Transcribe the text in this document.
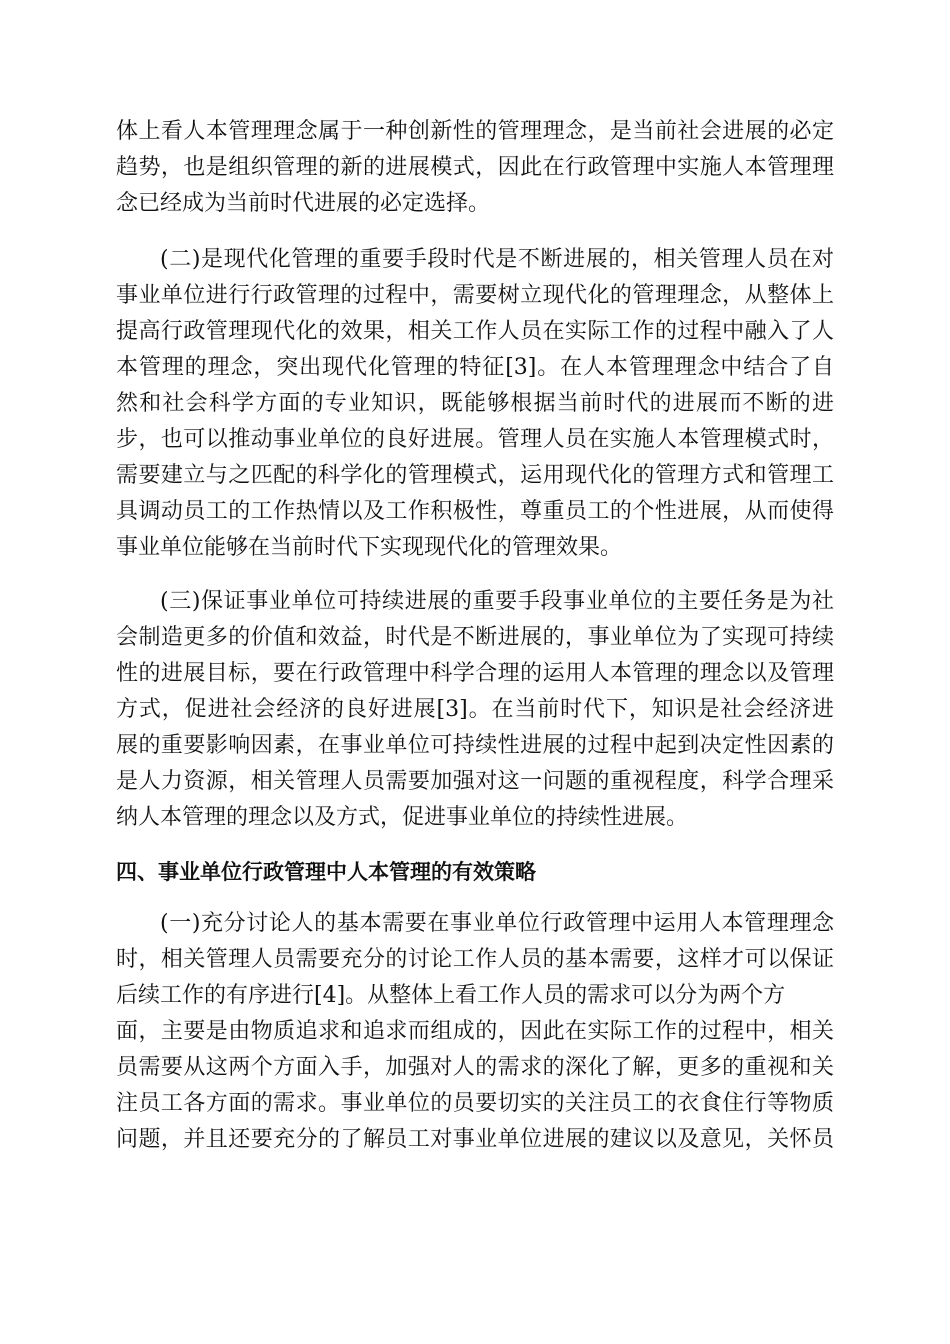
体上看人本管理理念属于一种创新性的管理理念，是当前社会进展的必定
趋势，也是组织管理的新的进展模式，因此在行政管理中实施人本管理理
念已经成为当前时代进展的必定选择。
(二)是现代化管理的重要手段时代是不断进展的，相关管理人员在对
事业单位进行行政管理的过程中，需要树立现代化的管理理念，从整体上
提高行政管理现代化的效果，相关工作人员在实际工作的过程中融入了人
本管理的理念，突出现代化管理的特征[3]。在人本管理理念中结合了自
然和社会科学方面的专业知识，既能够根据当前时代的进展而不断的进
步，也可以推动事业单位的良好进展。管理人员在实施人本管理模式时，
需要建立与之匹配的科学化的管理模式，运用现代化的管理方式和管理工
具调动员工的工作热情以及工作积极性，尊重员工的个性进展，从而使得
事业单位能够在当前时代下实现现代化的管理效果。
(三)保证事业单位可持续进展的重要手段事业单位的主要任务是为社
会制造更多的价值和效益，时代是不断进展的，事业单位为了实现可持续
性的进展目标，要在行政管理中科学合理的运用人本管理的理念以及管理
方式，促进社会经济的良好进展[3]。在当前时代下，知识是社会经济进
展的重要影响因素，在事业单位可持续性进展的过程中起到决定性因素的
是人力资源，相关管理人员需要加强对这一问题的重视程度，科学合理采
纳人本管理的理念以及方式，促进事业单位的持续性进展。
四、事业单位行政管理中人本管理的有效策略
(一)充分讨论人的基本需要在事业单位行政管理中运用人本管理理念
时，相关管理人员需要充分的讨论工作人员的基本需要，这样才可以保证
后续工作的有序进行[4]。从整体上看工作人员的需求可以分为两个方
面，主要是由物质追求和追求而组成的，因此在实际工作的过程中，相关
员需要从这两个方面入手，加强对人的需求的深化了解，更多的重视和关
注员工各方面的需求。事业单位的员要切实的关注员工的衣食住行等物质
问题，并且还要充分的了解员工对事业单位进展的建议以及意见，关怀员
